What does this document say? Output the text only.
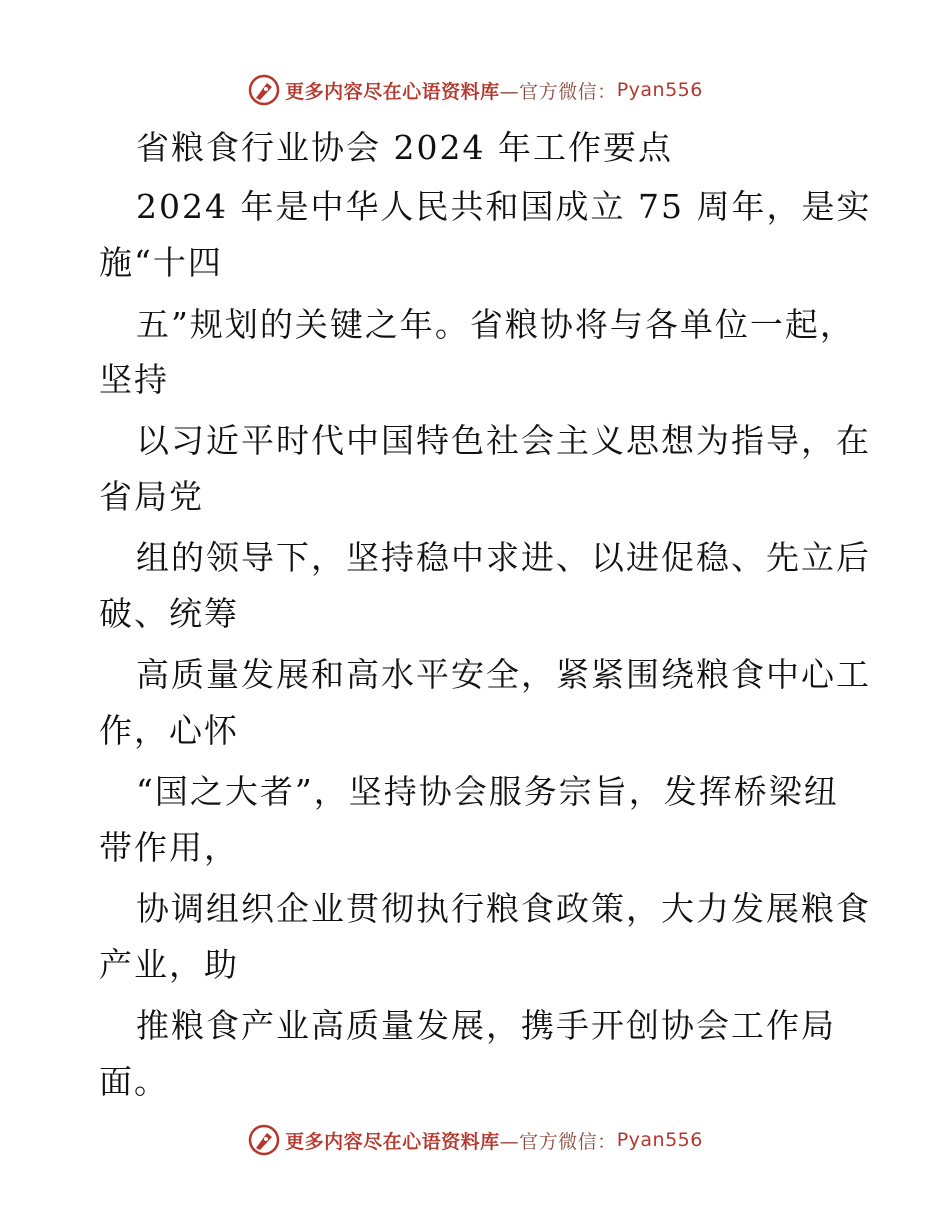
更多内容尽在心语资料库 —官方微信： Pyan556
省粮食行业协会 2024 年工作要点
2024 年是中华人民共和国成立 75 周年，是实
施“十四
五”规划的关键之年。省粮协将与各单位一起，
坚持
以习近平时代中国特色社会主义思想为指导，在
省局党
组的领导下，坚持稳中求进、以进促稳、先立后
破、统筹
高质量发展和高水平安全，紧紧围绕粮食中心工
作，心怀
“国之大者”，坚持协会服务宗旨，发挥桥梁纽
带作用，
协调组织企业贯彻执行粮食政策，大力发展粮食
产业，助
推粮食产业高质量发展，携手开创协会工作局
面。
更多内容尽在心语资料库 —官方微信： Pyan556
